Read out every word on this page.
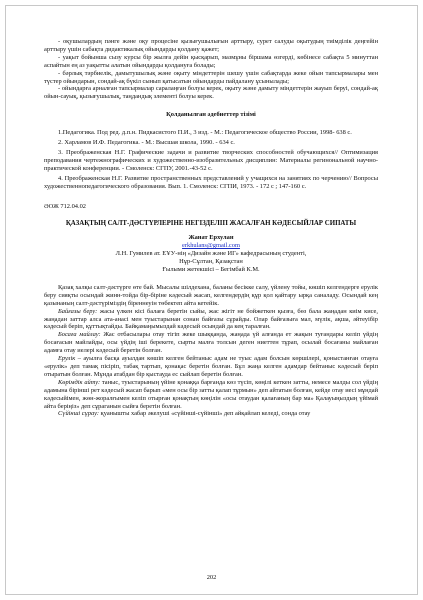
- оқушылардың пәнге және оқу процесіне қызығушылығын арттыру, сурет салуды оқытудың тиімділік деңгейін арттыру үшін сабақта дидактикалық ойындарды қолдану қажет;

- уақыт бойынша сызу курсы бір жылға дейін қысқарып, мазмұны біршама өзгерді, көбінесе сабақта 5 минуттан аспайтын ең аз уақытты алатын ойындарды қолдануға болады;

- бәрлық тәрбиелік, дамытушылық және оқыту міндеттерін шешу үшін сабақтарда жеке ойын тапсырмалары мен түстер ойындарын, сондай-ақ бүкіл сынып қатысатын ойындарды пайдалану ұсынылады;

- ойындарға арналған тапсырмалар саралаңған болуы керек, оқыту және дамыту міндеттерін жауып беруі, сондай-ақ ойын-сауық, қызығушылық, таңдандық элементі болуы керек.

Қолданылған әдебиеттер тізімі

1.Педагогика. Под ред. д.п.н. Пидкасистого П.И., 3 изд. - М.: Педагогическое общество России, 1998- 638 с.

2. Харламов И.Ф. Педагогика. - М.: Высшая школа, 1990. - 634 с.

3. Преображенская Н.Г. Графические задачи и развитие творческих способностей обучающихся// Оптимизация преподавания чертежнографических и художественно-изобразительных дисциплин: Материалы регинональной научно-практической конференции. - Смоленск: СГПУ, 2001.-43-52 с.

4. Преображенская Н.Г. Развитие пространственных представлений у учащихся на занятиях по черчению// Вопросы художественнопедагогического образования. Вып. 1. Смоленск: СГПИ, 1973. - 172 с ; 147-160 с.

ӘОЖ 712.04.02

ҚАЗАҚТЫҢ САЛТ-ДӘСТҮРЛЕРІНЕ НЕГІЗДЕЛІП ЖАСАЛҒАН КӘДЕСЫЙЛАР СИПАТЫ

Жанат Ерхулан

erkhulans@gmail.com

Л.Н. Гумилев ат. ЕҰУ-нің «Дизайн және ИГ» кафедрасының студенті,

Нұр-Сұлтан, Қазақстан

Ғылыми жетекшісі – Бегімбай К.М.

Қазақ халқы салт-дәстүрге өте бай. Мысалы шілдехана, баланы бесікке салу, үйлену тойы, көшіп келгендерге ерулік беру сияқты осындай жинн-тойда бір-біріне кәдесый жасап, келгендердің құр қол қайтару ырқа саналаду. Осындай кең қазынаның салт-дәстүріміздің біреннеуін төбектеп айта кетейік.

Байғазы беру: жасы үлкен кісі балаға беретін сыйы, жас жігіт не бойжеткен қызға, бөз бала жаңадан киім кисе, жаңадан заттар алса ата-анасі мен туыстарынан сонан байғазы сұрайды. Олар байғазыға мал, мүлік, ақша, әйтеуібір кәдесый беріп, құттықтайды. Байқамаңымыздай кәдесый осындай да кең таралған.

Босаға майлау: Жас отбасылары отау тігіп жеке шыққанда, жаңада үй алғанда ет жақын туғандары келіп үйдің босағасын майлайды, осы үйдің іші берекете, сырты малға толсын деген ниеттен тұрап, осылай босағаны майлаған адамға отау иелері кәдесый беретін болған.

Ерулік – ауылға басқа ауылдан көшіп келген бейтаныс адам не туыс адам болсын көршілері, қоныстанған отауға «ерулік» деп тамақ пісіріп, табақ тартып, қонақас беретін болған. Бұл жаңа келген адамдар бейтаныс кәдесый беріп отыратын болған. Мұнда атабдан бір қыстауда ес сыйлап беретін болған.

Көрімдік айту: таныс, туыстарының үйіне қонаққа барғанда көз түсіп, көңілі кеткен затты, немесе малды сол үйдің адамына бірінші рет кәдесый жасап барып «мен осы бір затты қалап тұрмын» деп айтатын болған, кейде отау иесі мұндай кәдесыйімен, жөн-жоралғымен келіп отырған қонақтың көңілін «осы отаудан қалағаның бар ма» Қалауыңыздың үйімай айта берiңiз» деп сұраганын сыйға беретін болған.

Сүйінші сұрау: қуанышты хабар әкелуші «сүйінші-сүйінші» деп айқайлап келеді, сонда отау

202
